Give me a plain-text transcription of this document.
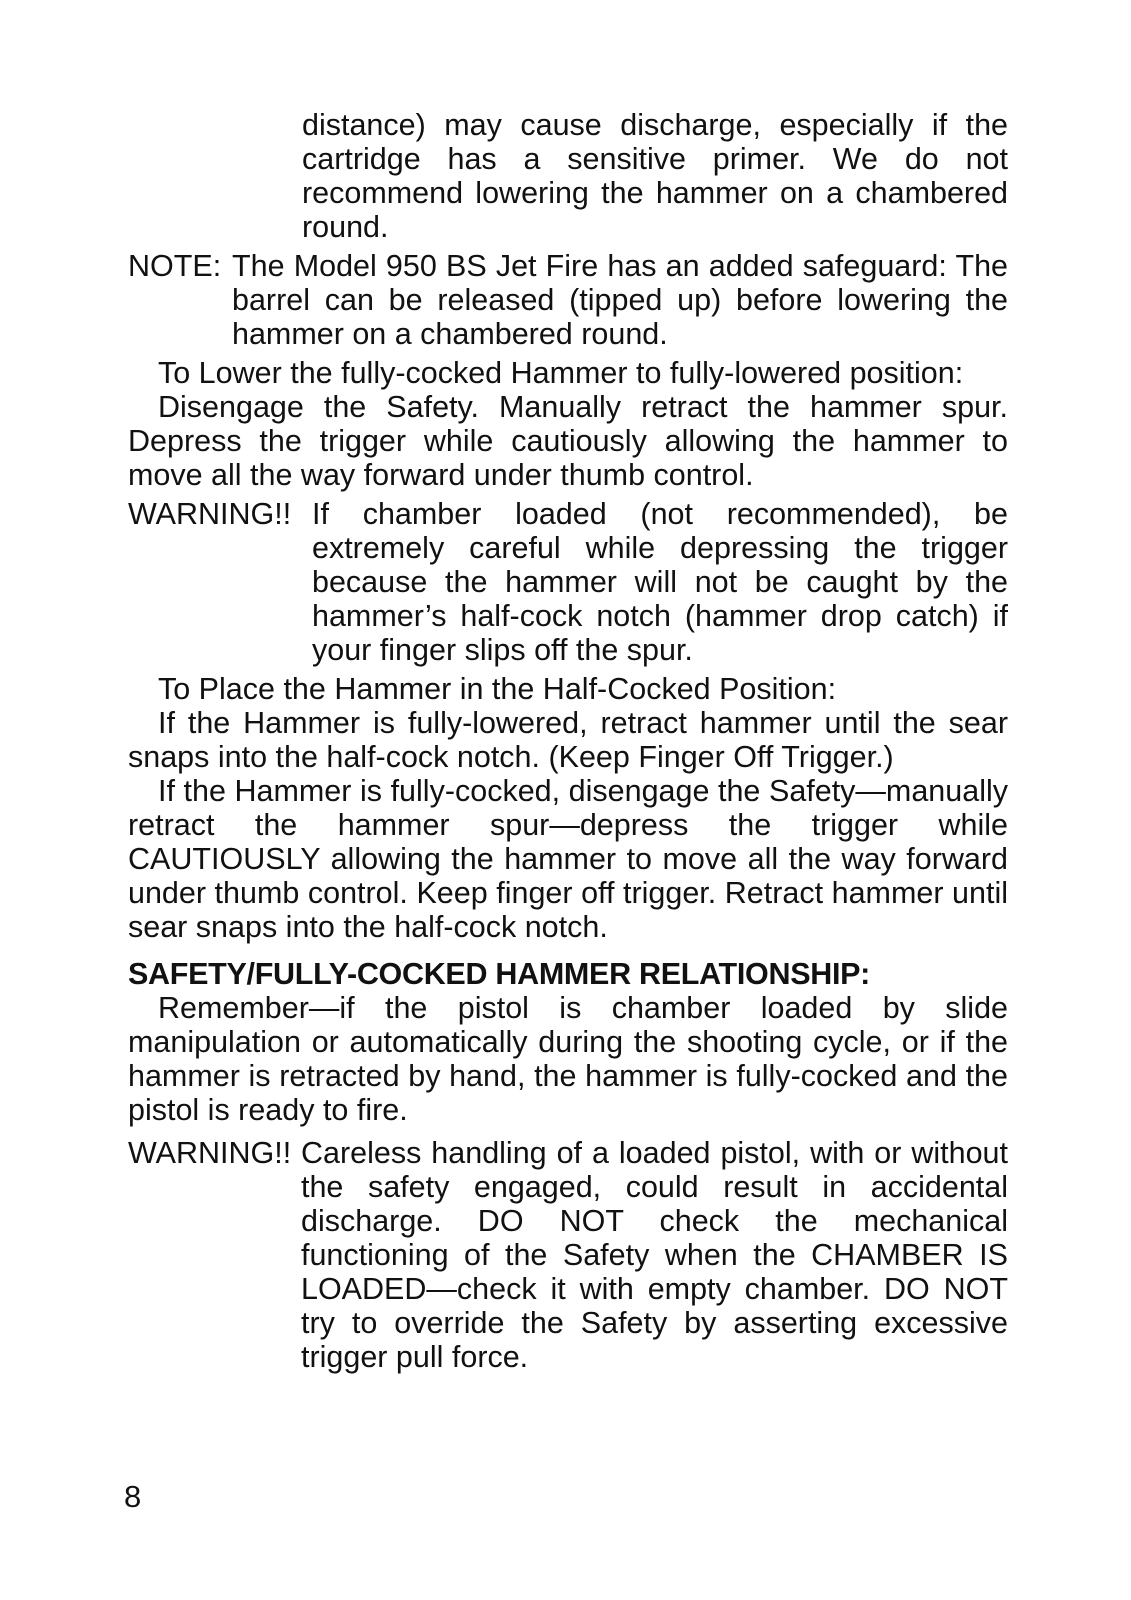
distance) may cause discharge, especially if the cartridge has a sensitive primer. We do not recommend lowering the hammer on a chambered round.
NOTE: The Model 950 BS Jet Fire has an added safeguard: The barrel can be released (tipped up) before lowering the hammer on a chambered round.

To Lower the fully-cocked Hammer to fully-lowered position:

Disengage the Safety. Manually retract the hammer spur. Depress the trigger while cautiously allowing the hammer to move all the way forward under thumb control.

WARNING!! If chamber loaded (not recommended), be extremely careful while depressing the trigger because the hammer will not be caught by the hammer’s half-cock notch (hammer drop catch) if your finger slips off the spur.

To Place the Hammer in the Half-Cocked Position:

If the Hammer is fully-lowered, retract hammer until the sear snaps into the half-cock notch. (Keep Finger Off Trigger.)

If the Hammer is fully-cocked, disengage the Safety—manually retract the hammer spur—depress the trigger while CAUTIOUSLY allowing the hammer to move all the way forward under thumb control. Keep finger off trigger. Retract hammer until sear snaps into the half-cock notch.

SAFETY/FULLY-COCKED HAMMER RELATIONSHIP:

Remember—if the pistol is chamber loaded by slide manipulation or automatically during the shooting cycle, or if the hammer is retracted by hand, the hammer is fully-cocked and the pistol is ready to fire.

WARNING!! Careless handling of a loaded pistol, with or without the safety engaged, could result in accidental discharge. DO NOT check the mechanical functioning of the Safety when the CHAMBER IS LOADED—check it with empty chamber. DO NOT try to override the Safety by asserting excessive trigger pull force.
8
